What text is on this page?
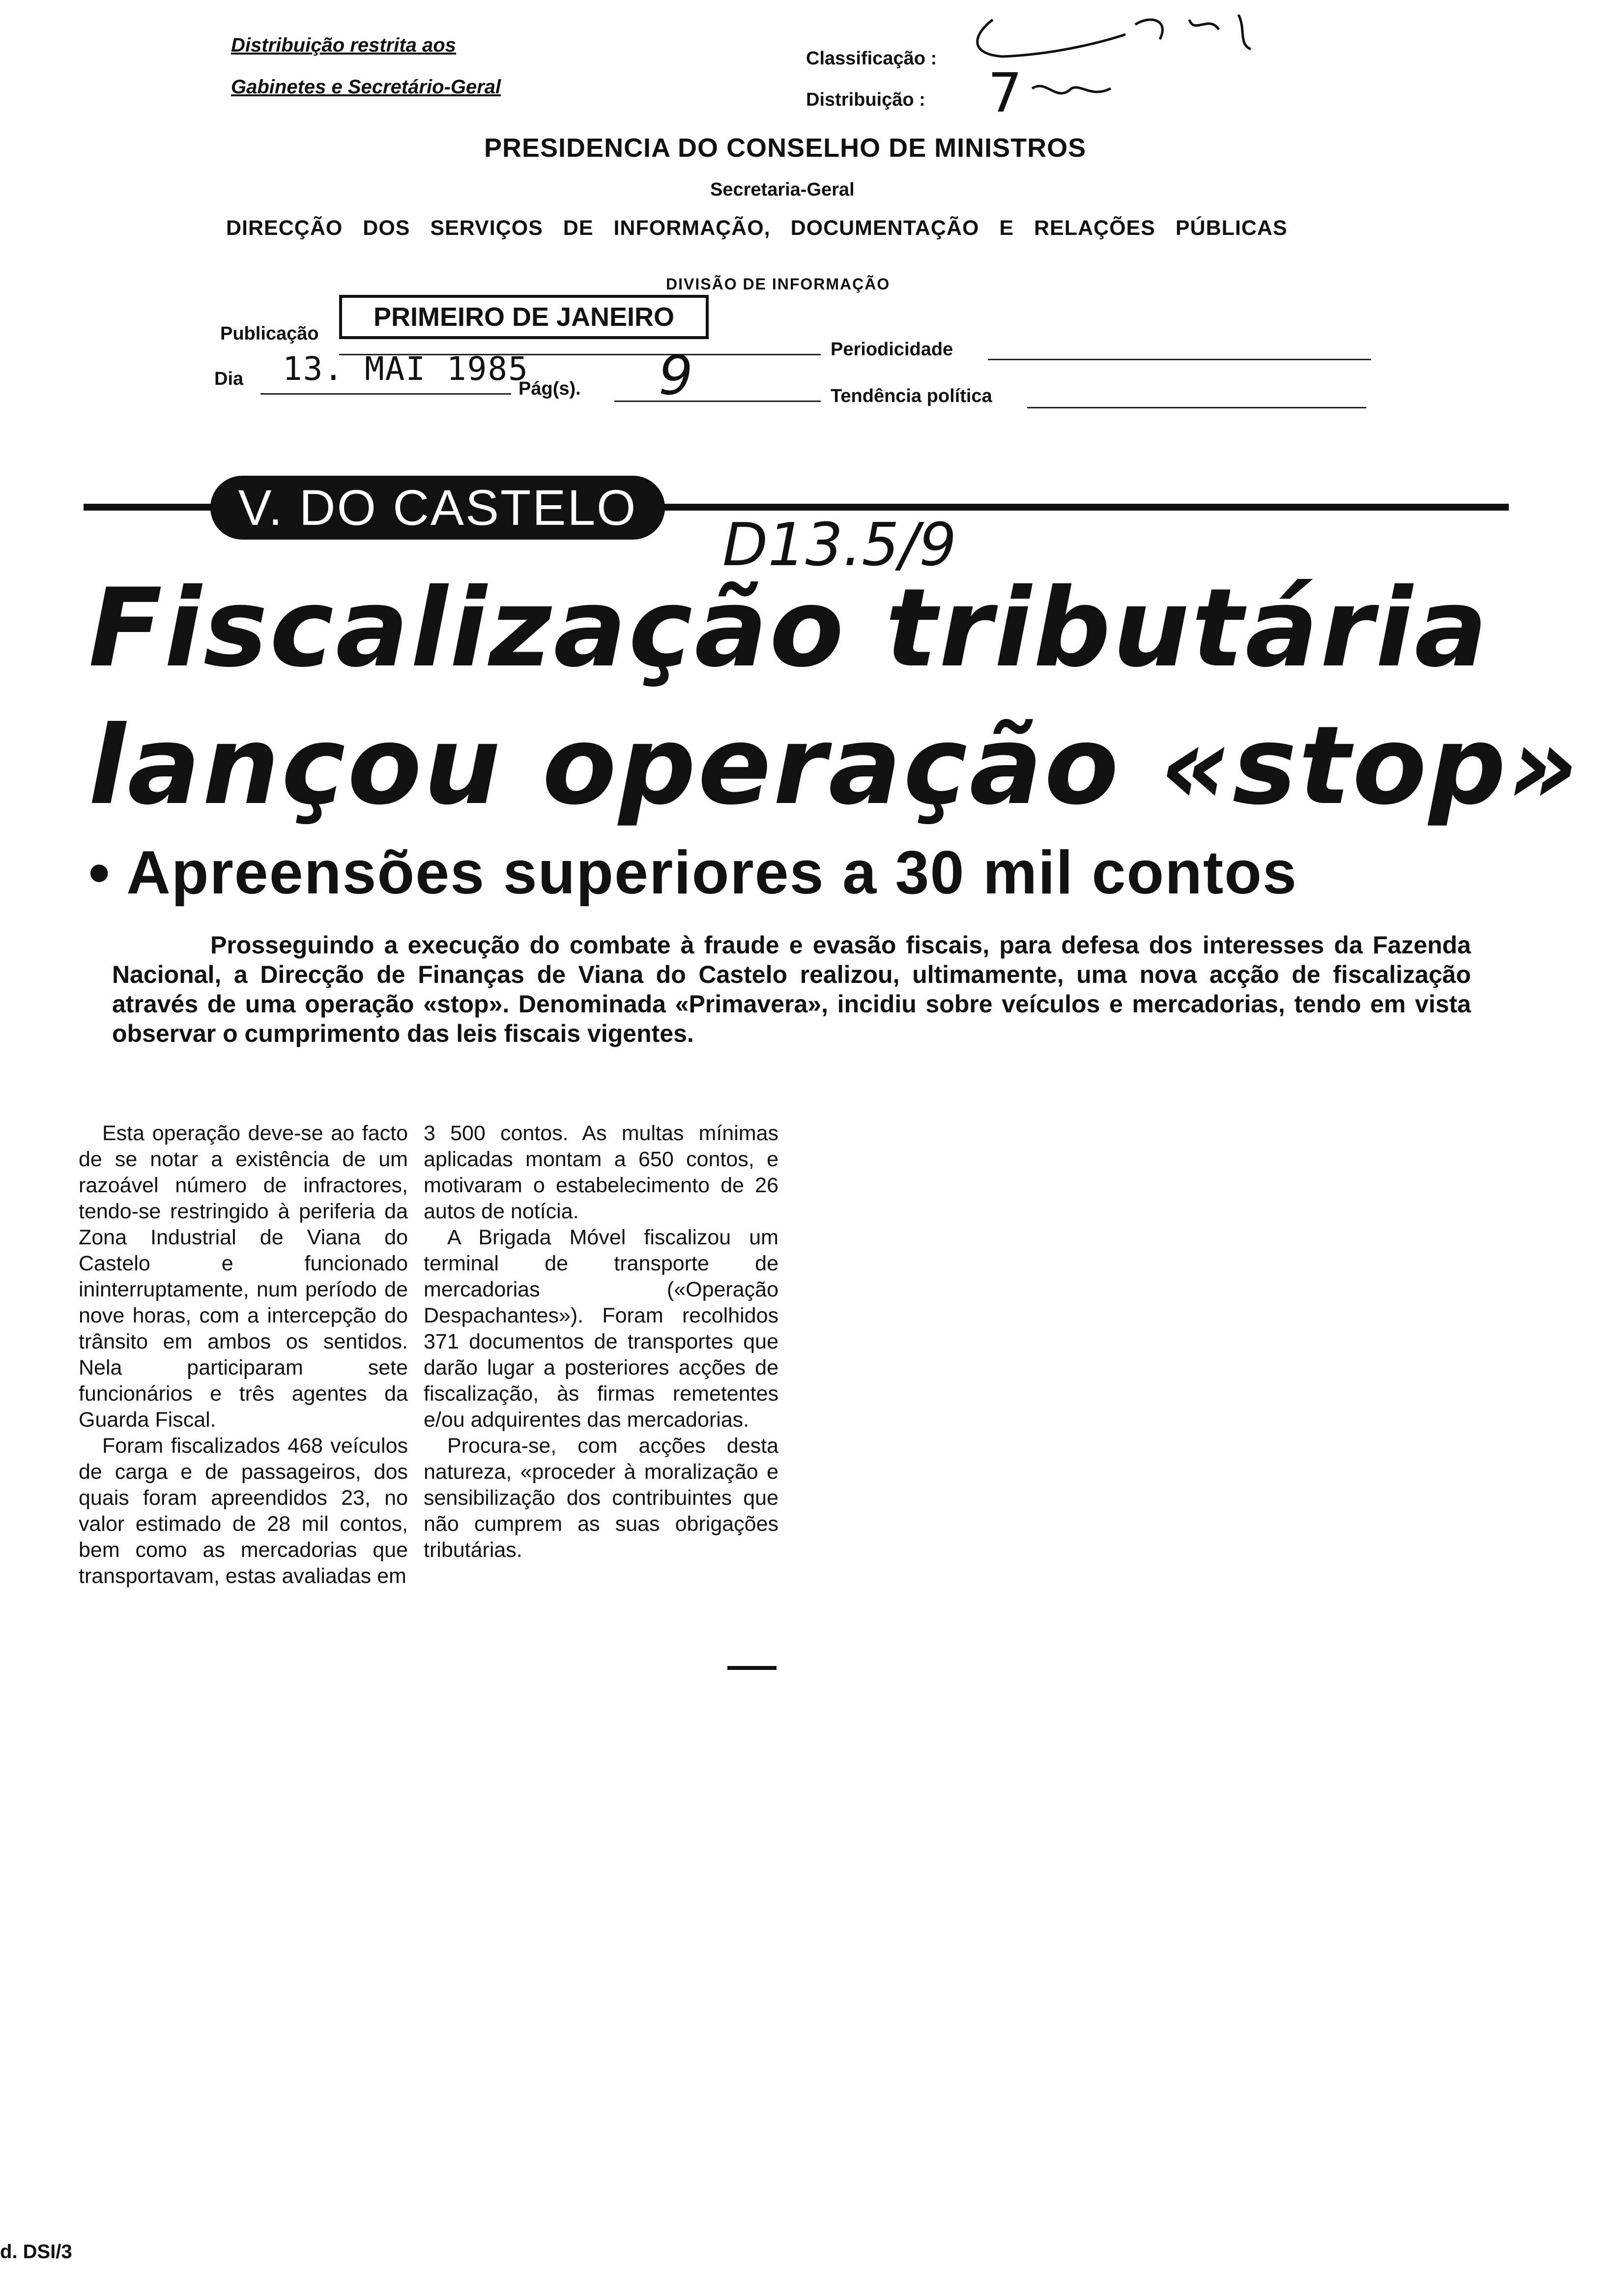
Distribuição restrita aos
Gabinetes e Secretário-Geral
Classificação :
Distribuição : 7
PRESIDENCIA DO CONSELHO DE MINISTROS
Secretaria-Geral
DIRECÇÃO DOS SERVIÇOS DE INFORMAÇÃO, DOCUMENTAÇÃO E RELAÇÕES PÚBLICAS
DIVISÃO DE INFORMAÇÃO
Publicação
PRIMEIRO DE JANEIRO
Periodicidade
Dia 13. MAI 1985
Pág(s). 9	Tendência política
V. DO CASTELO
D13.5/9
Fiscalização tributária
lançou operação «stop»
• Apreensões superiores a 30 mil contos
Prosseguindo a execução do combate à fraude e evasão fiscais, para defesa dos interesses da Fazenda Nacional, a Direcção de Finanças de Viana do Castelo realizou, ultimamente, uma nova acção de fiscalização através de uma operação «stop». Denominada «Primavera», incidiu sobre veículos e mercadorias, tendo em vista observar o cumprimento das leis fiscais vigentes.

Esta operação deve-se ao facto de se notar a existência de um razoável número de infractores, tendo-se restringido à periferia da Zona Industrial de Viana do Castelo e funcionado ininterruptamente, num período de nove horas, com a intercepção do trânsito em ambos os sentidos. Nela participaram sete funcionários e três agentes da Guarda Fiscal.

Foram fiscalizados 468 veículos de carga e de passageiros, dos quais foram apreendidos 23, no valor estimado de 28 mil contos, bem como as mercadorias que transportavam, estas avaliadas em

3 500 contos. As multas mínimas aplicadas montam a 650 contos, e motivaram o estabelecimento de 26 autos de notícia.

A Brigada Móvel fiscalizou um terminal de transporte de mercadorias («Operação Despachantes»). Foram recolhidos 371 documentos de transportes que darão lugar a posteriores acções de fiscalização, às firmas remetentes e/ou adquirentes das mercadorias.

Procura-se, com acções desta natureza, «proceder à moralização e sensibilização dos contribuintes que não cumprem as suas obrigações tributárias.

d. DSI/3
